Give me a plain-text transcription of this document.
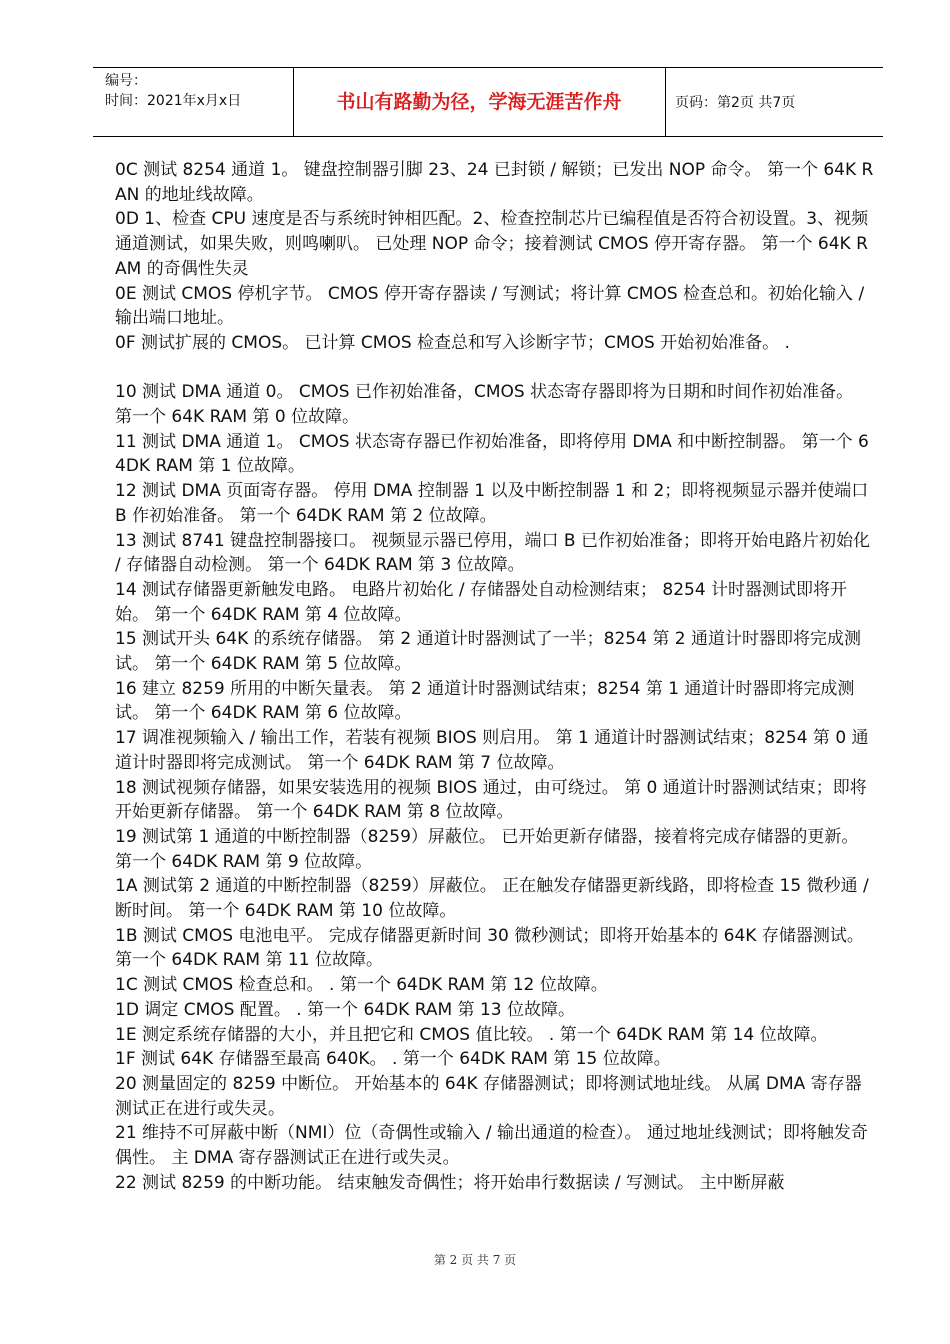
编号：
时间：2021年x月x日	书山有路勤为径，学海无涯苦作舟	页码：第2页 共7页

0C 测试 8254 通道 1。 键盘控制器引脚 23、24 已封锁 / 解锁；已发出 NOP 命令。 第一个 64K RAN 的地址线故障。

0D 1、检查 CPU 速度是否与系统时钟相匹配。2、检查控制芯片已编程值是否符合初设置。3、视频通道测试，如果失败，则鸣喇叭。 已处理 NOP 命令；接着测试 CMOS 停开寄存器。 第一个 64K RAM 的奇偶性失灵

0E 测试 CMOS 停机字节。 CMOS 停开寄存器读 / 写测试；将计算 CMOS 检查总和。初始化输入 / 输出端口地址。

0F 测试扩展的 CMOS。 已计算 CMOS 检查总和写入诊断字节；CMOS 开始初始准备。 .

10 测试 DMA 通道 0。 CMOS 已作初始准备，CMOS 状态寄存器即将为日期和时间作初始准备。 第一个 64K RAM 第 0 位故障。

11 测试 DMA 通道 1。 CMOS 状态寄存器已作初始准备，即将停用 DMA 和中断控制器。 第一个 64DK RAM 第 1 位故障。

12 测试 DMA 页面寄存器。 停用 DMA 控制器 1 以及中断控制器 1 和 2；即将视频显示器并使端口 B 作初始准备。 第一个 64DK RAM 第 2 位故障。

13 测试 8741 键盘控制器接口。 视频显示器已停用，端口 B 已作初始准备；即将开始电路片初始化 / 存储器自动检测。 第一个 64DK RAM 第 3 位故障。

14 测试存储器更新触发电路。 电路片初始化 / 存储器处自动检测结束； 8254 计时器测试即将开始。 第一个 64DK RAM 第 4 位故障。

15 测试开头 64K 的系统存储器。 第 2 通道计时器测试了一半；8254 第 2 通道计时器即将完成测试。 第一个 64DK RAM 第 5 位故障。

16 建立 8259 所用的中断矢量表。 第 2 通道计时器测试结束；8254 第 1 通道计时器即将完成测试。 第一个 64DK RAM 第 6 位故障。

17 调准视频输入 / 输出工作，若装有视频 BIOS 则启用。 第 1 通道计时器测试结束；8254 第 0 通道计时器即将完成测试。 第一个 64DK RAM 第 7 位故障。

18 测试视频存储器，如果安装选用的视频 BIOS 通过，由可绕过。 第 0 通道计时器测试结束；即将开始更新存储器。 第一个 64DK RAM 第 8 位故障。

19 测试第 1 通道的中断控制器（8259）屏蔽位。 已开始更新存储器，接着将完成存储器的更新。 第一个 64DK RAM 第 9 位故障。

1A 测试第 2 通道的中断控制器（8259）屏蔽位。 正在触发存储器更新线路，即将检查 15 微秒通 / 断时间。 第一个 64DK RAM 第 10 位故障。

1B 测试 CMOS 电池电平。 完成存储器更新时间 30 微秒测试；即将开始基本的 64K 存储器测试。 第一个 64DK RAM 第 11 位故障。

1C 测试 CMOS 检查总和。 . 第一个 64DK RAM 第 12 位故障。

1D 调定 CMOS 配置。 . 第一个 64DK RAM 第 13 位故障。

1E 测定系统存储器的大小，并且把它和 CMOS 值比较。 . 第一个 64DK RAM 第 14 位故障。

1F 测试 64K 存储器至最高 640K。 . 第一个 64DK RAM 第 15 位故障。

20 测量固定的 8259 中断位。 开始基本的 64K 存储器测试；即将测试地址线。 从属 DMA 寄存器测试正在进行或失灵。

21 维持不可屏蔽中断（NMI）位（奇偶性或输入 / 输出通道的检查）。 通过地址线测试；即将触发奇偶性。 主 DMA 寄存器测试正在进行或失灵。

22 测试 8259 的中断功能。 结束触发奇偶性；将开始串行数据读 / 写测试。 主中断屏蔽

第 2 页 共 7 页
